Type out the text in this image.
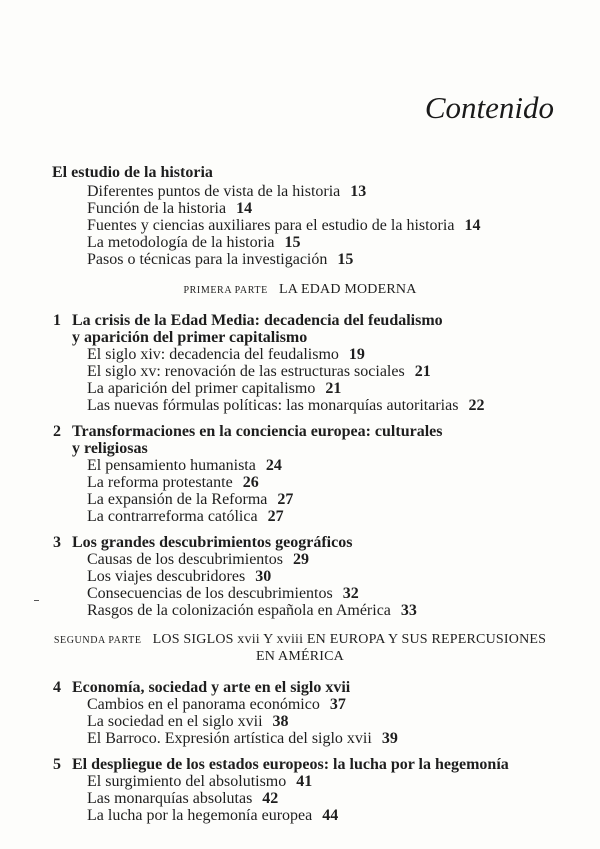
Contenido
El estudio de la historia
Diferentes puntos de vista de la historia 13
Función de la historia 14
Fuentes y ciencias auxiliares para el estudio de la historia 14
La metodología de la historia 15
Pasos o técnicas para la investigación 15
PRIMERA PARTE LA EDAD MODERNA
1 La crisis de la Edad Media: decadencia del feudalismo
y aparición del primer capitalismo
El siglo xiv: decadencia del feudalismo 19
El siglo xv: renovación de las estructuras sociales 21
La aparición del primer capitalismo 21
Las nuevas fórmulas políticas: las monarquías autoritarias 22
2 Transformaciones en la conciencia europea: culturales
y religiosas
El pensamiento humanista 24
La reforma protestante 26
La expansión de la Reforma 27
La contrarreforma católica 27
3 Los grandes descubrimientos geográficos
Causas de los descubrimientos 29
Los viajes descubridores 30
Consecuencias de los descubrimientos 32
Rasgos de la colonización española en América 33
SEGUNDA PARTE LOS SIGLOS xvii Y xviii EN EUROPA Y SUS REPERCUSIONES
EN AMÉRICA
4 Economía, sociedad y arte en el siglo xvii
Cambios en el panorama económico 37
La sociedad en el siglo xvii 38
El Barroco. Expresión artística del siglo xvii 39
5 El despliegue de los estados europeos: la lucha por la hegemonía
El surgimiento del absolutismo 41
Las monarquías absolutas 42
La lucha por la hegemonía europea 44
